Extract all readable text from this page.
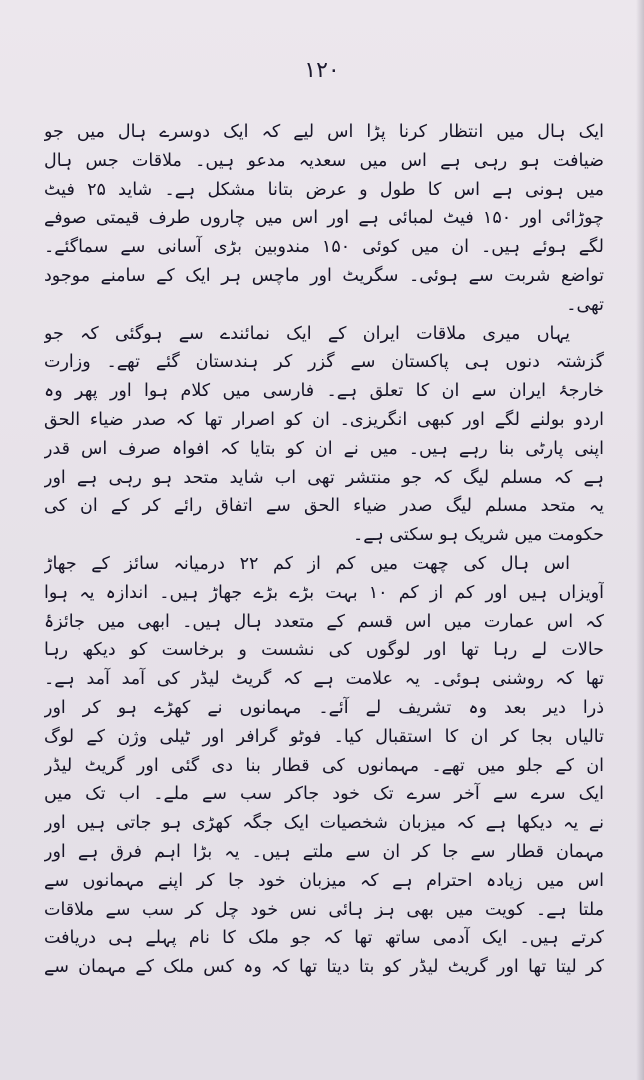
۱۲۰
ایک ہال میں انتظار کرنا پڑا اس لیے کہ ایک دوسرے ہال میں جو
ضیافت ہو رہی ہے اس میں سعدیہ مدعو ہیں۔ ملاقات جس ہال
میں ہونی ہے اس کا طول و عرض بتانا مشکل ہے۔ شاید ۲۵ فیٹ
چوڑائی اور ۱۵۰ فیٹ لمبائی ہے اور اس میں چاروں طرف قیمتی صوفے
لگے ہوئے ہیں۔ ان میں کوئی ۱۵۰ مندوبین بڑی آسانی سے سماگئے۔
تواضع شربت سے ہوئی۔ سگریٹ اور ماچس ہر ایک کے سامنے موجود
تھی۔
یہاں میری ملاقات ایران کے ایک نمائندے سے ہوگئی کہ جو
گزشتہ دنوں ہی پاکستان سے گزر کر ہندستان گئے تھے۔ وزارت
خارجۂ ایران سے ان کا تعلق ہے۔ فارسی میں کلام ہوا اور پھر وہ
اردو بولنے لگے اور کبھی انگریزی۔ ان کو اصرار تھا کہ صدر ضیاء الحق
اپنی پارٹی بنا رہے ہیں۔ میں نے ان کو بتایا کہ افواہ صرف اس قدر
ہے کہ مسلم لیگ کہ جو منتشر تھی اب شاید متحد ہو رہی ہے اور
یہ متحد مسلم لیگ صدر ضیاء الحق سے اتفاق رائے کر کے ان کی
حکومت میں شریک ہو سکتی ہے۔
اس ہال کی چھت میں کم از کم ۲۲ درمیانہ سائز کے جھاڑ
آویزاں ہیں اور کم از کم ۱۰ بہت بڑے بڑے جھاڑ ہیں۔ اندازہ یہ ہوا
کہ اس عمارت میں اس قسم کے متعدد ہال ہیں۔ ابھی میں جائزۂ
حالات لے رہا تھا اور لوگوں کی نشست و برخاست کو دیکھ رہا
تھا کہ روشنی ہوئی۔ یہ علامت ہے کہ گریٹ لیڈر کی آمد آمد ہے۔
ذرا دیر بعد وہ تشریف لے آئے۔ مہمانوں نے کھڑے ہو کر اور
تالیاں بجا کر ان کا استقبال کیا۔ فوٹو گرافر اور ٹیلی وژن کے لوگ
ان کے جلو میں تھے۔ مہمانوں کی قطار بنا دی گئی اور گریٹ لیڈر
ایک سرے سے آخر سرے تک خود جاکر سب سے ملے۔ اب تک میں
نے یہ دیکھا ہے کہ میزبان شخصیات ایک جگہ کھڑی ہو جاتی ہیں اور
مہمان قطار سے جا کر ان سے ملتے ہیں۔ یہ بڑا اہم فرق ہے اور
اس میں زیادہ احترام ہے کہ میزبان خود جا کر اپنے مہمانوں سے
ملتا ہے۔ کویت میں بھی ہز ہائی نس خود چل کر سب سے ملاقات
کرتے ہیں۔ ایک آدمی ساتھ تھا کہ جو ملک کا نام پہلے ہی دریافت
کر لیتا تھا اور گریٹ لیڈر کو بتا دیتا تھا کہ وہ کس ملک کے مہمان سے
